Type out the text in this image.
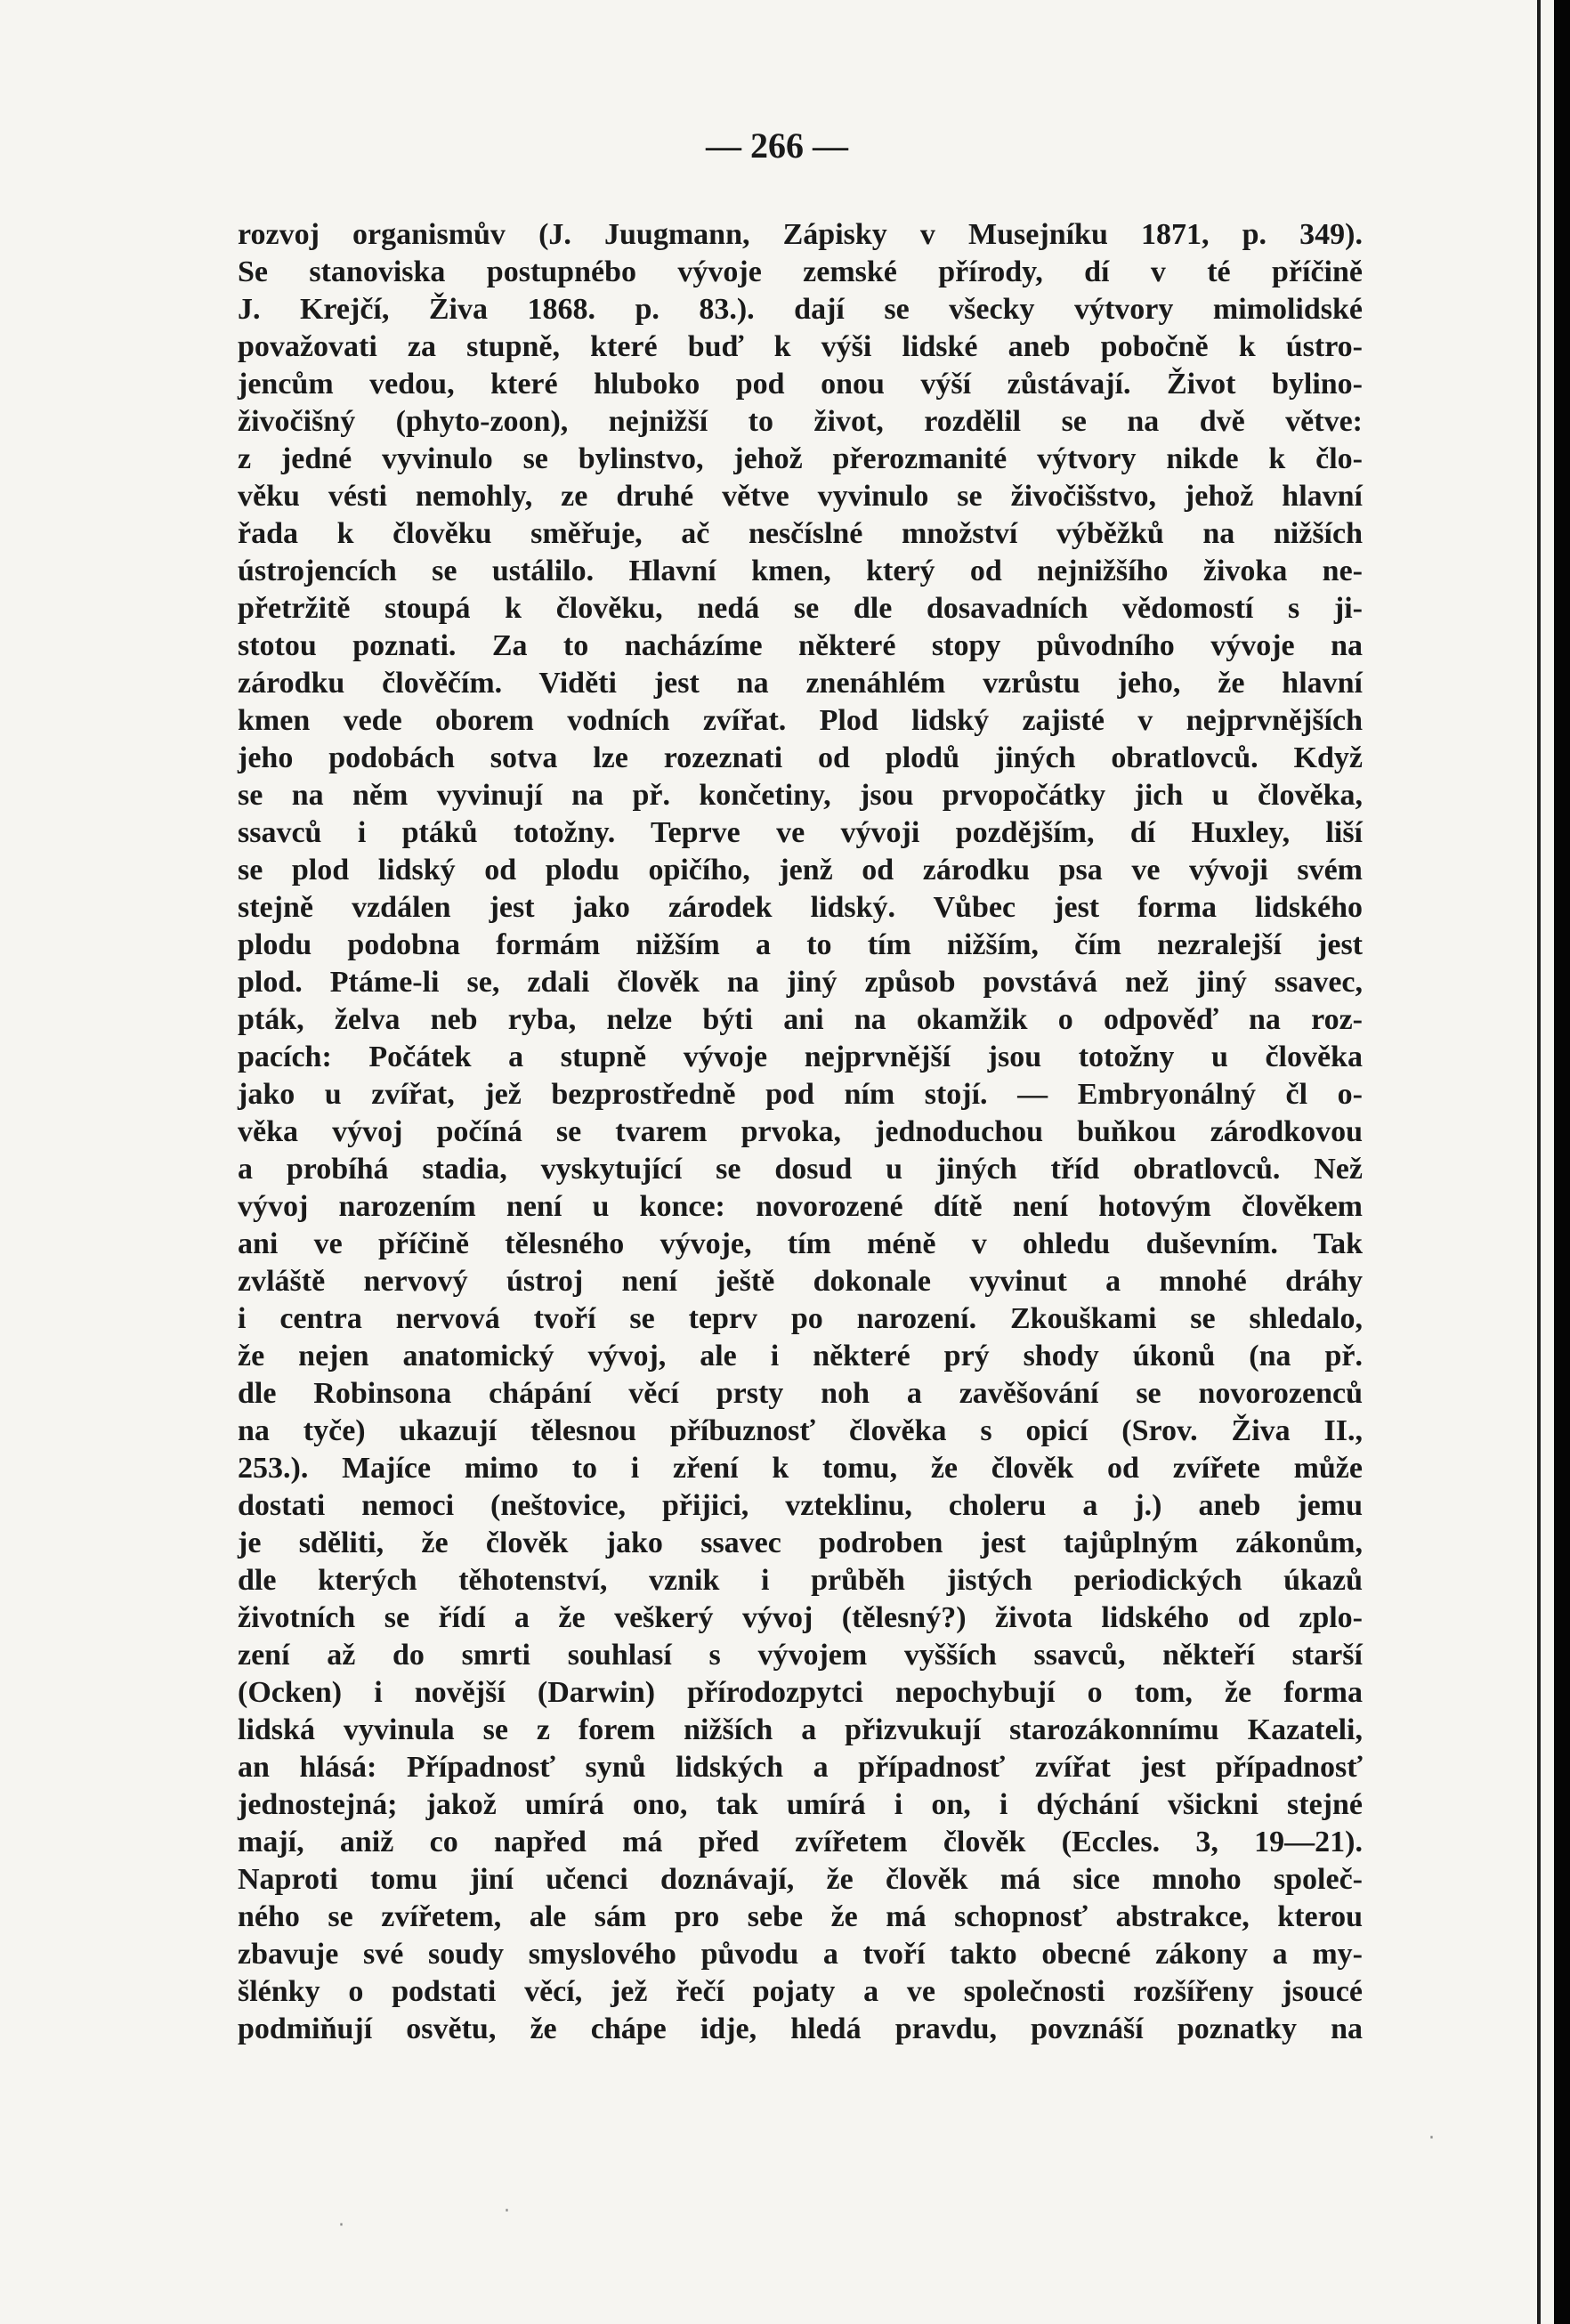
— 266 —
rozvoj organismův (J. Juugmann, Zápisky v Musejníku 1871, p. 349).
Se stanoviska postupnébo vývoje zemské přírody, dí v té příčině
J. Krejčí, Živa 1868. p. 83.). dají se všecky výtvory mimolidské
považovati za stupně, které buď k výši lidské aneb pobočně k ústro-
jencům vedou, které hluboko pod onou výší zůstávají. Život bylino-
živočišný (phyto-zoon), nejnižší to život, rozdělil se na dvě větve:
z jedné vyvinulo se bylinstvo, jehož přerozmanité výtvory nikde k člo-
věku vésti nemohly, ze druhé větve vyvinulo se živočišstvo, jehož hlavní
řada k člověku směřuje, ač nesčíslné množství výběžků na nižších
ústrojencích se ustálilo. Hlavní kmen, který od nejnižšího živoka ne-
přetržitě stoupá k člověku, nedá se dle dosavadních vědomostí s ji-
stotou poznati. Za to nacházíme některé stopy původního vývoje na
zárodku člověčím. Viděti jest na znenáhlém vzrůstu jeho, že hlavní
kmen vede oborem vodních zvířat. Plod lidský zajisté v nejprvnějších
jeho podobách sotva lze rozeznati od plodů jiných obratlovců. Když
se na něm vyvinují na př. končetiny, jsou prvopočátky jich u člověka,
ssavců i ptáků totožny. Teprve ve vývoji pozdějším, dí Huxley, liší
se plod lidský od plodu opičího, jenž od zárodku psa ve vývoji svém
stejně vzdálen jest jako zárodek lidský. Vůbec jest forma lidského
plodu podobna formám nižším a to tím nižším, čím nezralejší jest
plod. Ptáme-li se, zdali člověk na jiný způsob povstává než jiný ssavec,
pták, želva neb ryba, nelze býti ani na okamžik o odpověď na roz-
pacích: Počátek a stupně vývoje nejprvnější jsou totožny u člověka
jako u zvířat, jež bezprostředně pod ním stojí. — Embryonálný čl o-
věka vývoj počíná se tvarem prvoka, jednoduchou buňkou zárodkovou
a probíhá stadia, vyskytující se dosud u jiných tříd obratlovců. Než
vývoj narozením není u konce: novorozené dítě není hotovým člověkem
ani ve příčině tělesného vývoje, tím méně v ohledu duševním. Tak
zvláště nervový ústroj není ještě dokonale vyvinut a mnohé dráhy
i centra nervová tvoří se teprv po narození. Zkouškami se shledalo,
že nejen anatomický vývoj, ale i některé prý shody úkonů (na př.
dle Robinsona chápání věcí prsty noh a zavěšování se novorozenců
na tyče) ukazují tělesnou příbuznosť člověka s opicí (Srov. Živa II.,
253.). Majíce mimo to i zření k tomu, že člověk od zvířete může
dostati nemoci (neštovice, přijici, vzteklinu, choleru a j.) aneb jemu
je sděliti, že člověk jako ssavec podroben jest tajůplným zákonům,
dle kterých těhotenství, vznik i průběh jistých periodických úkazů
životních se řídí a že veškerý vývoj (tělesný?) života lidského od zplo-
zení až do smrti souhlasí s vývojem vyšších ssavců, někteří starší
(Ocken) i novější (Darwin) přírodozpytci nepochybují o tom, že forma
lidská vyvinula se z forem nižších a přizvukují starozákonnímu Kazateli,
an hlásá: Případnosť synů lidských a případnosť zvířat jest případnosť
jednostejná; jakož umírá ono, tak umírá i on, i dýchání všickni stejné
mají, aniž co napřed má před zvířetem člověk (Eccles. 3, 19—21).
Naproti tomu jiní učenci doznávají, že člověk má sice mnoho společ-
ného se zvířetem, ale sám pro sebe že má schopnosť abstrakce, kterou
zbavuje své soudy smyslového původu a tvoří takto obecné zákony a my-
šlénky o podstati věcí, jež řečí pojaty a ve společnosti rozšířeny jsoucé
podmiňují osvětu, že chápe idje, hledá pravdu, povznáší poznatky na
·
·
·
